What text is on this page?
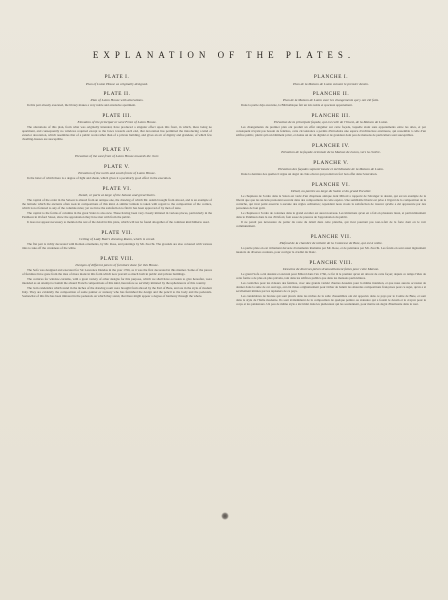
EXPLANATION OF THE PLATES.
PLATE I.
Plan of Luton House as originally designed.
PLATE II.
Plan of Luton House with alterations.

In this part already executed, the library makes a very noble and extensive apartment.

PLATE III.
Elevation of the principal or west Front of Luton House.

The alterations of this plan, from what was originally intended, have produced a singular effect upon this front, in which, there being no apartment, and consequently no windows required except to the bows towards each end, that decoration has permitted the introducing a kind of exterior decoration, which resembles that of a public work rather than of a private building, and gives an air of dignity and grandeur, of which few dwelling-houses are susceptible.

PLATE IV.
Elevation of the east front of Luton House towards the river.
PLATE V.
Elevation of the north and south fronts of Luton House.

In the latter of which there is a degree of light and shade, which gives it a peculiarly good effect in the execution.

PLATE VI.
Detail, or parts at large of the Saloon and great Stairs.

The capital of the order in the Saloon is altered from an antique one, the drawing of which Mr. Adam brought from abroad, and is an example of the latitude which the ancients often took in compositions of this kind. A similar latitude is taken with regard to the composition of the cornice, which is not fettered to any of the columns rules; yet we have the satisfaction to find it has been approved of by men of taste.

The capital to the forms of columns in the great Stairs is also new. These having been very closely imitated in various places, particularly in the Pantheon in Oxford Street, show the approbation they have met with from the public.

It does not appear necessary to mention the rest of the detail in this plate, which will not be found altogether of the common kind hitherto used.

PLATE VII.
Ceiling of Lady Bute's dressing Room, which is coved.

The flat part is richly decorated with Roman ornaments, by Mr. Rose, and paintings by Mr. Zucchi. The grounds are also coloured with various tints to take off the crudeness of the white.

PLATE VIII.
Designs of different pieces of furniture done for this House.

The Sofa was designed and executed for Sir Lawrence Dundas in the year 1766, as it was the first decorated in this manner. Some of the pieces of furniture have gone from the idea of more made in this form which now prevail so much both in public and private buildings.

The cornices for window-curtains, with a great variety of other designs for this purpose, which we shall have occasion to give hereafter, were intended as an attempt to banish the absurd French compositions of this kind, heretofore so servilely imitated by the upholsterers of this country.

The twin candelabra which stand in the niches of the drawing room were brought from abroad by the Earl of Bute, and are in the style of modern Italy. They are evidently the composition of some painter or statuary who has furnished the design and the pencil to the body and the pedestals. Somewhat of this file has been imitated in the pedestals on which they stand, that there might appear a degree of harmony through the whole.

PLANCHE I.
Plan de la Maison de Luton suivant le premier dessin.
PLANCHE II.
Plan de la Maison de Luton avec les changements qui y ont été faits.

Dans la partie déja executée, la Bibliothéque fait un très noble et spacieux appartement.

PLANCHE III.
Elévation de la principale façade, qui est celle de l'Ouest, de la Maison de Luton.

Les changements du premier plan ont produit un effet singulier sur cette façade, laquelle étant sans appartements entre les ailes, et par conséquent n'ayant pas besoin de fenêtres, cette circonstance a permis d'introduire une espèce d'architecture extérieure, qui ressemble à celle d'un édifice public, plutôt qu'à un bâtiment privé, et donne un air de dignité et de grandeur dont peu de maisons de particuliers sont susceptibles.

PLANCHE IV.
Elévation de la façade orientale de la Maison de Luton, vers la rivière.
PLANCHE V.
Elévation des façades septentrionale et méridionale de la Maison de Luton.

Dans la dernière des quelles il règne un degré de clair-obscur qui produit un fort bon effet dans l'exécution.

PLANCHE VI.
Détail, ou parties au large du Salon et du grand Escalier.

Le chapiteau de l'ordre dans le Salon est varié d'un chapiteau antique dont Milord a rapporté de l'étranger le dessin, qui est un exemple de la liberté que que les anciens prenoient souvent dans des compositions de cette espèce. Une semblable liberté est prise à l'égard de la composition de la corniche, qui n'est point asservie à aucune des règles ordinaires; cependant nous avons la satisfaction de trouver qu'elle a été approuvée par des personnes de bon goût.

Le chapiteau à l'ordre de colonnes dans le grand escalier est aussi nouveau. Les imitations qu'on en a fait en plusieurs lieux, et particulièrement dans le Panthéon dans la rue d'Oxford, font assez de preuves de l'approbation du public.

Il ne paroît pas nécessaire de parler du reste du détail dans cette planche, qui n'est pourtant pas tout-à-fait de la forte dont on le voit communément.

PLANCHE VII.
Plafond de la chambre de toilette de la Comtesse de Bute, qui est à voûte.

La partie plate en est richement décorée d'ornements Romains par Mr. Rose, et de peintures par Mr. Zucchi. Les fonds en sont aussi légèrement nuancés de diverses couleurs, pour corriger la crudité du blanc.

PLANCHE VIII.
Desseins de diverses pièces d'ameublement faites pour cette Maison.

Le grand Sofa a été dessiné et exécuté pour Milord dans l'an 1766, ce fut là le premier qu'on ait décoré de cette façon; depuis ce temps l'idée de cette forme a de plus en plus prévalu, tant dans les édifices publics que dans les maisons particulières.

Les corniches pour les rideaux des fenêtres, avec une grande variété d'autres desseins pour la même intention, et que nous aurons occasion de donner dans la suite de cet ouvrage, ont été mises originairement pour tâcher de bannir les absurdes compositions françoises pour ce sujet, qu'on a si servilement imitées par les tapissiers de ce pays.

Les candelabres de bronze qui sont placés dans les niches de la salle d'assemblée ont été apportés dans ce pays par le Comte de Bute, et sont dans le style de l'Italie moderne. Ils sont évidemment de la composition de quelque peintre ou statuaire qui a fourni le dessin et le crayon pour le corps et les piédestaux. Un peu de même style a été imité dans les piédestaux qui les soutiennent, pour mettre un degré d'harmonie dans le tout.
